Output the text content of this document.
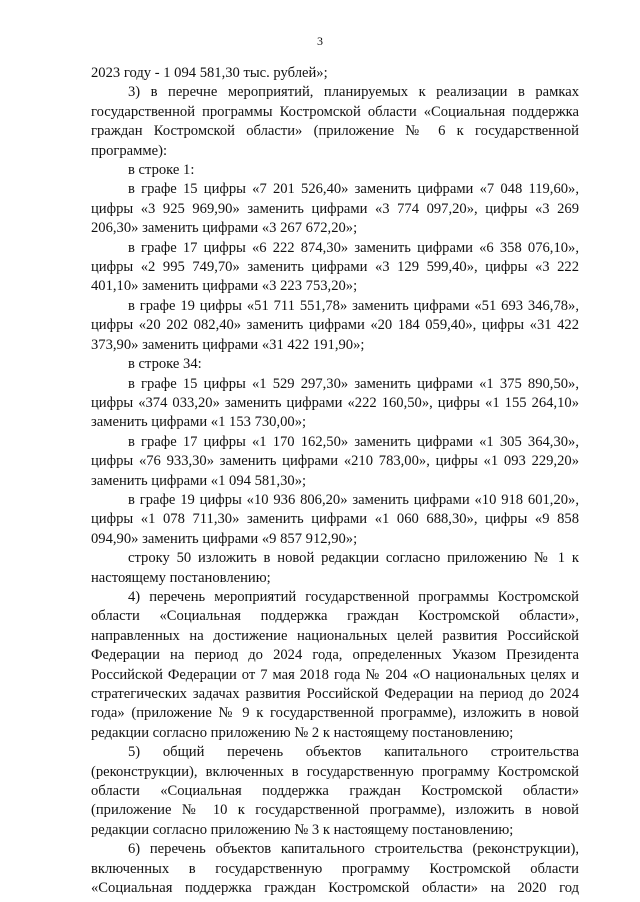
3

2023 году - 1 094 581,30 тыс. рублей»;

3) в перечне мероприятий, планируемых к реализации в рамках государственной программы Костромской области «Социальная поддержка граждан Костромской области» (приложение № 6 к государственной программе):

в строке 1:

в графе 15 цифры «7 201 526,40» заменить цифрами «7 048 119,60», цифры «3 925 969,90» заменить цифрами «3 774 097,20», цифры «3 269 206,30» заменить цифрами «3 267 672,20»;

в графе 17 цифры «6 222 874,30» заменить цифрами «6 358 076,10», цифры «2 995 749,70» заменить цифрами «3 129 599,40», цифры «3 222 401,10» заменить цифрами «3 223 753,20»;

в графе 19 цифры «51 711 551,78» заменить цифрами «51 693 346,78», цифры «20 202 082,40» заменить цифрами «20 184 059,40», цифры «31 422 373,90» заменить цифрами «31 422 191,90»;

в строке 34:

в графе 15 цифры «1 529 297,30» заменить цифрами «1 375 890,50», цифры «374 033,20» заменить цифрами «222 160,50», цифры «1 155 264,10» заменить цифрами «1 153 730,00»;

в графе 17 цифры «1 170 162,50» заменить цифрами «1 305 364,30», цифры «76 933,30» заменить цифрами «210 783,00», цифры «1 093 229,20» заменить цифрами «1 094 581,30»;

в графе 19 цифры «10 936 806,20» заменить цифрами «10 918 601,20», цифры «1 078 711,30» заменить цифрами «1 060 688,30», цифры «9 858 094,90» заменить цифрами «9 857 912,90»;

строку 50 изложить в новой редакции согласно приложению № 1 к настоящему постановлению;

4) перечень мероприятий государственной программы Костромской области «Социальная поддержка граждан Костромской области», направленных на достижение национальных целей развития Российской Федерации на период до 2024 года, определенных Указом Президента Российской Федерации от 7 мая 2018 года № 204 «О национальных целях и стратегических задачах развития Российской Федерации на период до 2024 года» (приложение № 9 к государственной программе), изложить в новой редакции согласно приложению № 2 к настоящему постановлению;

5) общий перечень объектов капитального строительства (реконструкции), включенных в государственную программу Костромской области «Социальная поддержка граждан Костромской области» (приложение № 10 к государственной программе), изложить в новой редакции согласно приложению № 3 к настоящему постановлению;

6) перечень объектов капитального строительства (реконструкции), включенных в государственную программу Костромской области «Социальная поддержка граждан Костромской области» на 2020 год
